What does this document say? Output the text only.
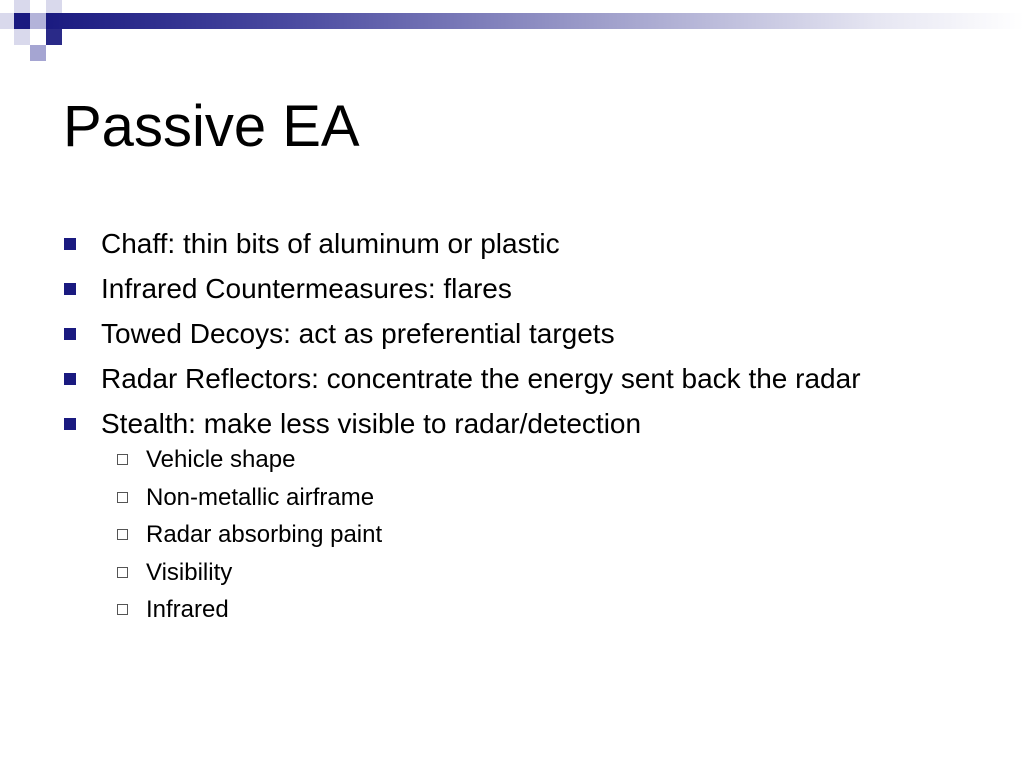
Passive EA
Chaff: thin bits of aluminum or plastic
Infrared Countermeasures: flares
Towed Decoys: act as preferential targets
Radar Reflectors: concentrate the energy sent back the radar
Stealth: make less visible to radar/detection
Vehicle shape
Non-metallic airframe
Radar absorbing paint
Visibility
Infrared
